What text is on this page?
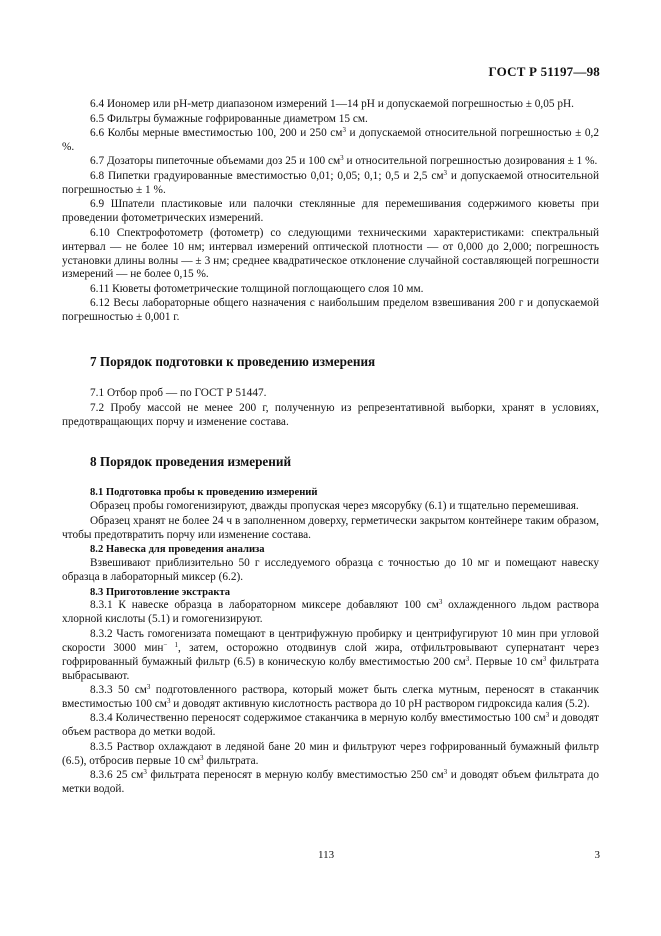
ГОСТ Р 51197—98

6.4 Иономер или рН-метр диапазоном измерений 1—14 рН и допускаемой погрешностью ± 0,05 рН.

6.5 Фильтры бумажные гофрированные диаметром 15 см.

6.6 Колбы мерные вместимостью 100, 200 и 250 $см^3$ и допускаемой относительной погрешностью ± 0,2 %.

6.7 Дозаторы пипеточные объемами доз 25 и 100 $см^3$ и относительной погрешностью дозирования ± 1 %.

6.8 Пипетки градуированные вместимостью 0,01; 0,05; 0,1; 0,5 и 2,5 $см^3$ и допускаемой относительной погрешностью ± 1 %.

6.9 Шпатели пластиковые или палочки стеклянные для перемешивания содержимого кюветы при проведении фотометрических измерений.

6.10 Спектрофотометр (фотометр) со следующими техническими характеристиками: спектральный интервал — не более 10 нм; интервал измерений оптической плотности — от 0,000 до 2,000; погрешность установки длины волны — ± 3 нм; среднее квадратическое отклонение случайной составляющей погрешности измерений — не более 0,15 %.

6.11 Кюветы фотометрические толщиной поглощающего слоя 10 мм.

6.12 Весы лабораторные общего назначения с наибольшим пределом взвешивания 200 г и допускаемой погрешностью ± 0,001 г.

7 Порядок подготовки к проведению измерения

7.1 Отбор проб — по ГОСТ Р 51447.

7.2 Пробу массой не менее 200 г, полученную из репрезентативной выборки, хранят в условиях, предотвращающих порчу и изменение состава.

8 Порядок проведения измерений

8.1 Подготовка пробы к проведению измерений

Образец пробы гомогенизируют, дважды пропуская через мясорубку (6.1) и тщательно перемешивая.

Образец хранят не более 24 ч в заполненном доверху, герметически закрытом контейнере таким образом, чтобы предотвратить порчу или изменение состава.

8.2 Навеска для проведения анализа

Взвешивают приблизительно 50 г исследуемого образца с точностью до 10 мг и помещают навеску образца в лабораторный миксер (6.2).

8.3 Приготовление экстракта

8.3.1 К навеске образца в лабораторном миксере добавляют 100 $см^3$ охлажденного льдом раствора хлорной кислоты (5.1) и гомогенизируют.

8.3.2 Часть гомогенизата помещают в центрифужную пробирку и центрифугируют 10 мин при угловой скорости 3000 мин$^{- 1}$, затем, осторожно отодвинув слой жира, отфильтровывают супернатант через гофрированный бумажный фильтр (6.5) в коническую колбу вместимостью 200 $см^3$. Первые 10 $см^3$ фильтрата выбрасывают.

8.3.3 50 $см^3$ подготовленного раствора, который может быть слегка мутным, переносят в стаканчик вместимостью 100 $см^3$ и доводят активную кислотность раствора до 10 рН раствором гидроксида калия (5.2).

8.3.4 Количественно переносят содержимое стаканчика в мерную колбу вместимостью 100 $см^3$ и доводят объем раствора до метки водой.

8.3.5 Раствор охлаждают в ледяной бане 20 мин и фильтруют через гофрированный бумажный фильтр (6.5), отбросив первые 10 $см^3$ фильтрата.

8.3.6 25 $см^3$ фильтрата переносят в мерную колбу вместимостью 250 $см^3$ и доводят объем фильтрата до метки водой.

113	3
